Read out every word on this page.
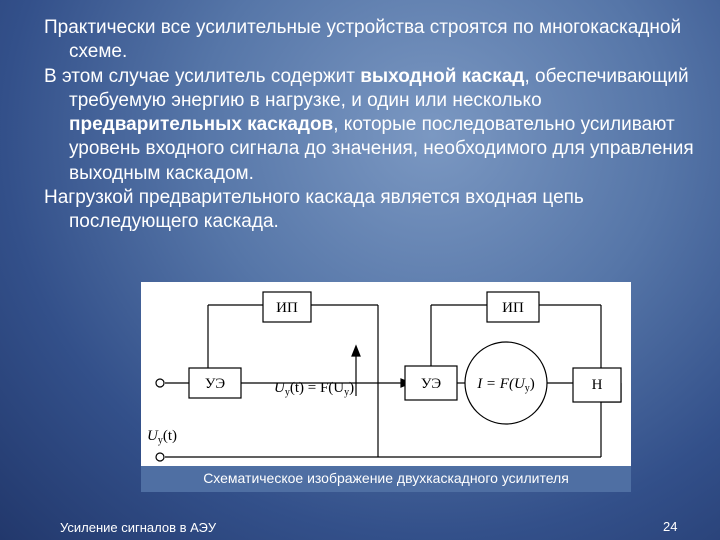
Практически все усилительные устройства строятся по многокаскадной схеме.

В этом случае усилитель содержит выходной каскад, обеспечивающий требуемую энергию в нагрузке, и один или несколько предварительных каскадов, которые последовательно усиливают уровень входного сигнала до значения, необходимого для управления выходным каскадом.

Нагрузкой предварительного каскада является входная цепь последующего каскада.

ИП
УЭ
ИП
УЭ	Н
$U_у(t) = F(U_у)$	$I = F(U_у)$
$U_у(t)$
Схематическое изображение двухкаскадного усилителя
Усиление сигналов в АЭУ	24
